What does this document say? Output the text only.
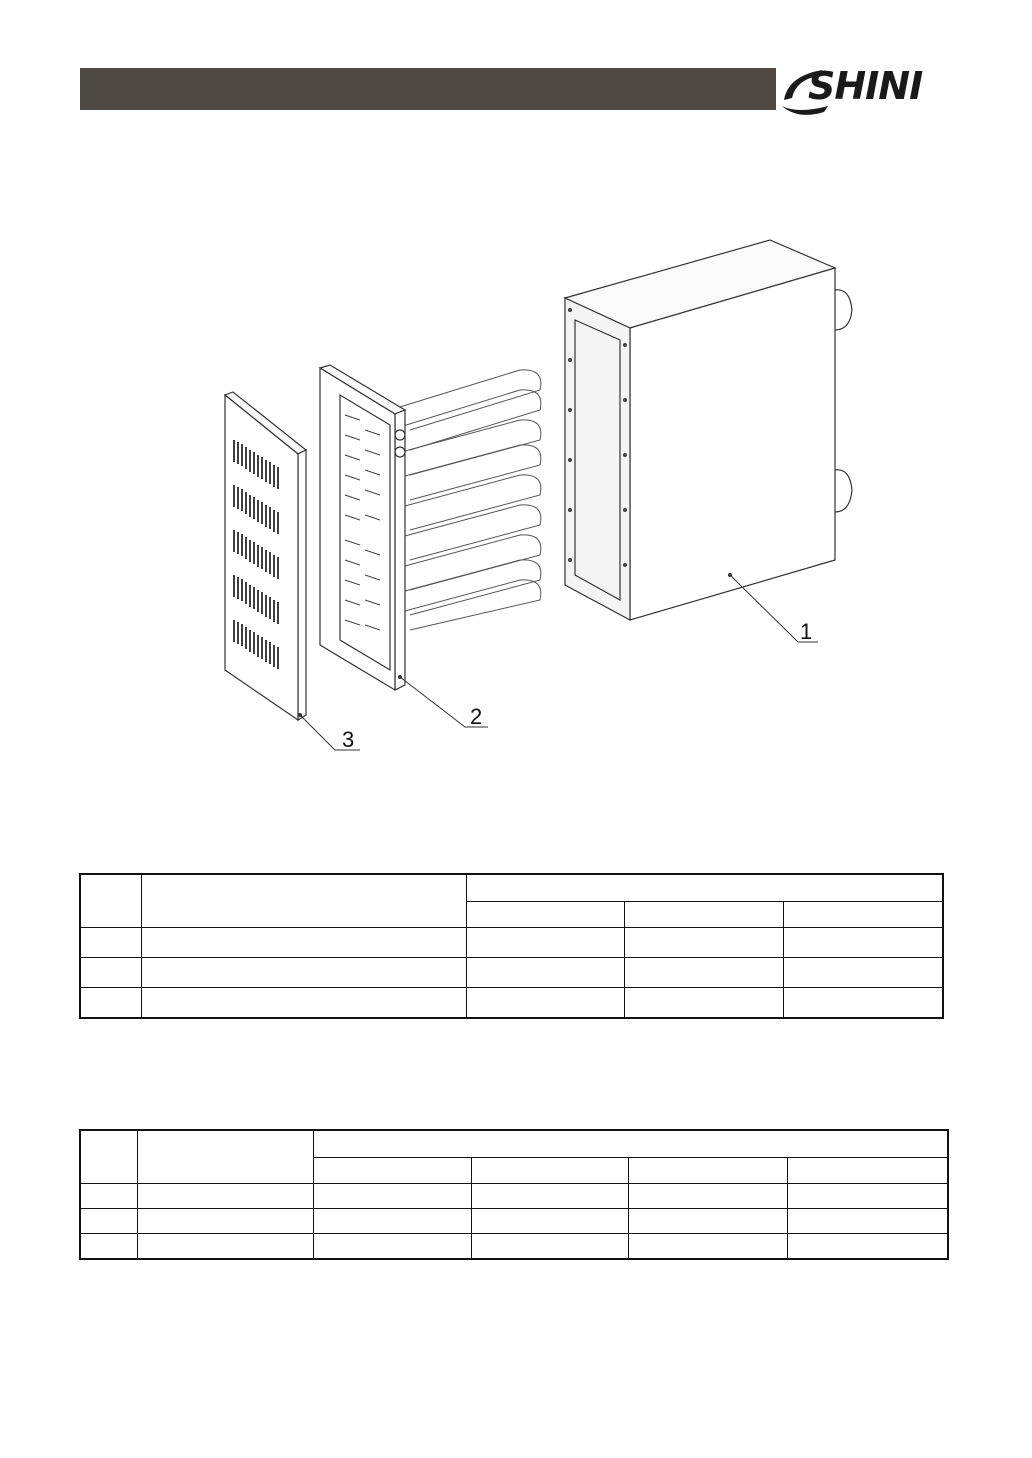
SHINI
1
2
3
